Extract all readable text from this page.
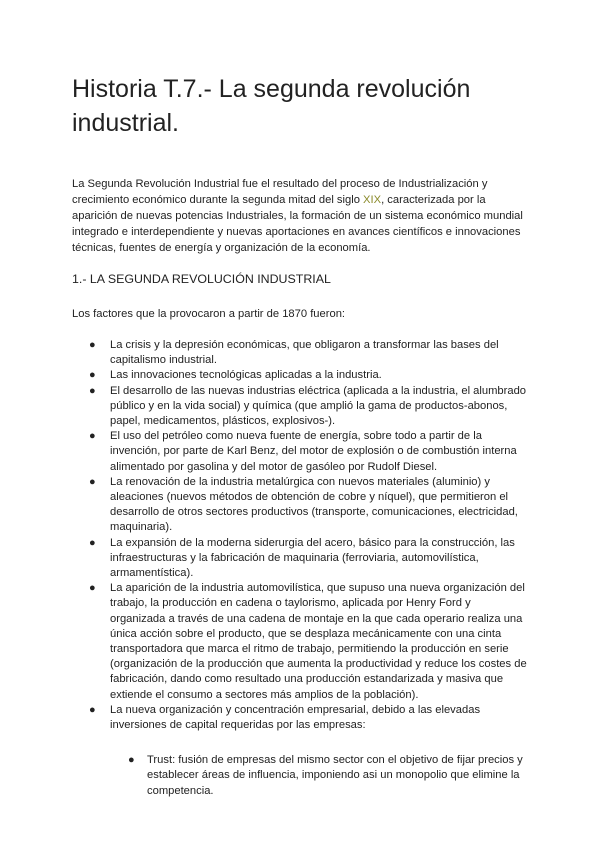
Historia T.7.- La segunda revolución industrial.

La Segunda Revolución Industrial fue el resultado del proceso de Industrialización y crecimiento económico durante la segunda mitad del siglo XIX, caracterizada por la aparición de nuevas potencias Industriales, la formación de un sistema económico mundial integrado e interdependiente y nuevas aportaciones en avances científicos e innovaciones técnicas, fuentes de energía y organización de la economía.

1.- LA SEGUNDA REVOLUCIÓN INDUSTRIAL

Los factores que la provocaron a partir de 1870 fueron:

● La crisis y la depresión económicas, que obligaron a transformar las bases del capitalismo industrial.
● Las innovaciones tecnológicas aplicadas a la industria.
● El desarrollo de las nuevas industrias eléctrica (aplicada a la industria, el alumbrado público y en la vida social) y química (que amplió la gama de productos-abonos, papel, medicamentos, plásticos, explosivos-).
● El uso del petróleo como nueva fuente de energía, sobre todo a partir de la invención, por parte de Karl Benz, del motor de explosión o de combustión interna alimentado por gasolina y del motor de gasóleo por Rudolf Diesel.
● La renovación de la industria metalúrgica con nuevos materiales (aluminio) y aleaciones (nuevos métodos de obtención de cobre y níquel), que permitieron el desarrollo de otros sectores productivos (transporte, comunicaciones, electricidad, maquinaria).
● La expansión de la moderna siderurgia del acero, básico para la construcción, las infraestructuras y la fabricación de maquinaria (ferroviaria, automovilística, armamentística).
● La aparición de la industria automovilística, que supuso una nueva organización del trabajo, la producción en cadena o taylorismo, aplicada por Henry Ford y organizada a través de una cadena de montaje en la que cada operario realiza una única acción sobre el producto, que se desplaza mecánicamente con una cinta transportadora que marca el ritmo de trabajo, permitiendo la producción en serie (organización de la producción que aumenta la productividad y reduce los costes de fabricación, dando como resultado una producción estandarizada y masiva que extiende el consumo a sectores más amplios de la población).
● La nueva organización y concentración empresarial, debido a las elevadas inversiones de capital requeridas por las empresas:
● Trust: fusión de empresas del mismo sector con el objetivo de fijar precios y establecer áreas de influencia, imponiendo asi un monopolio que elimine la competencia.
